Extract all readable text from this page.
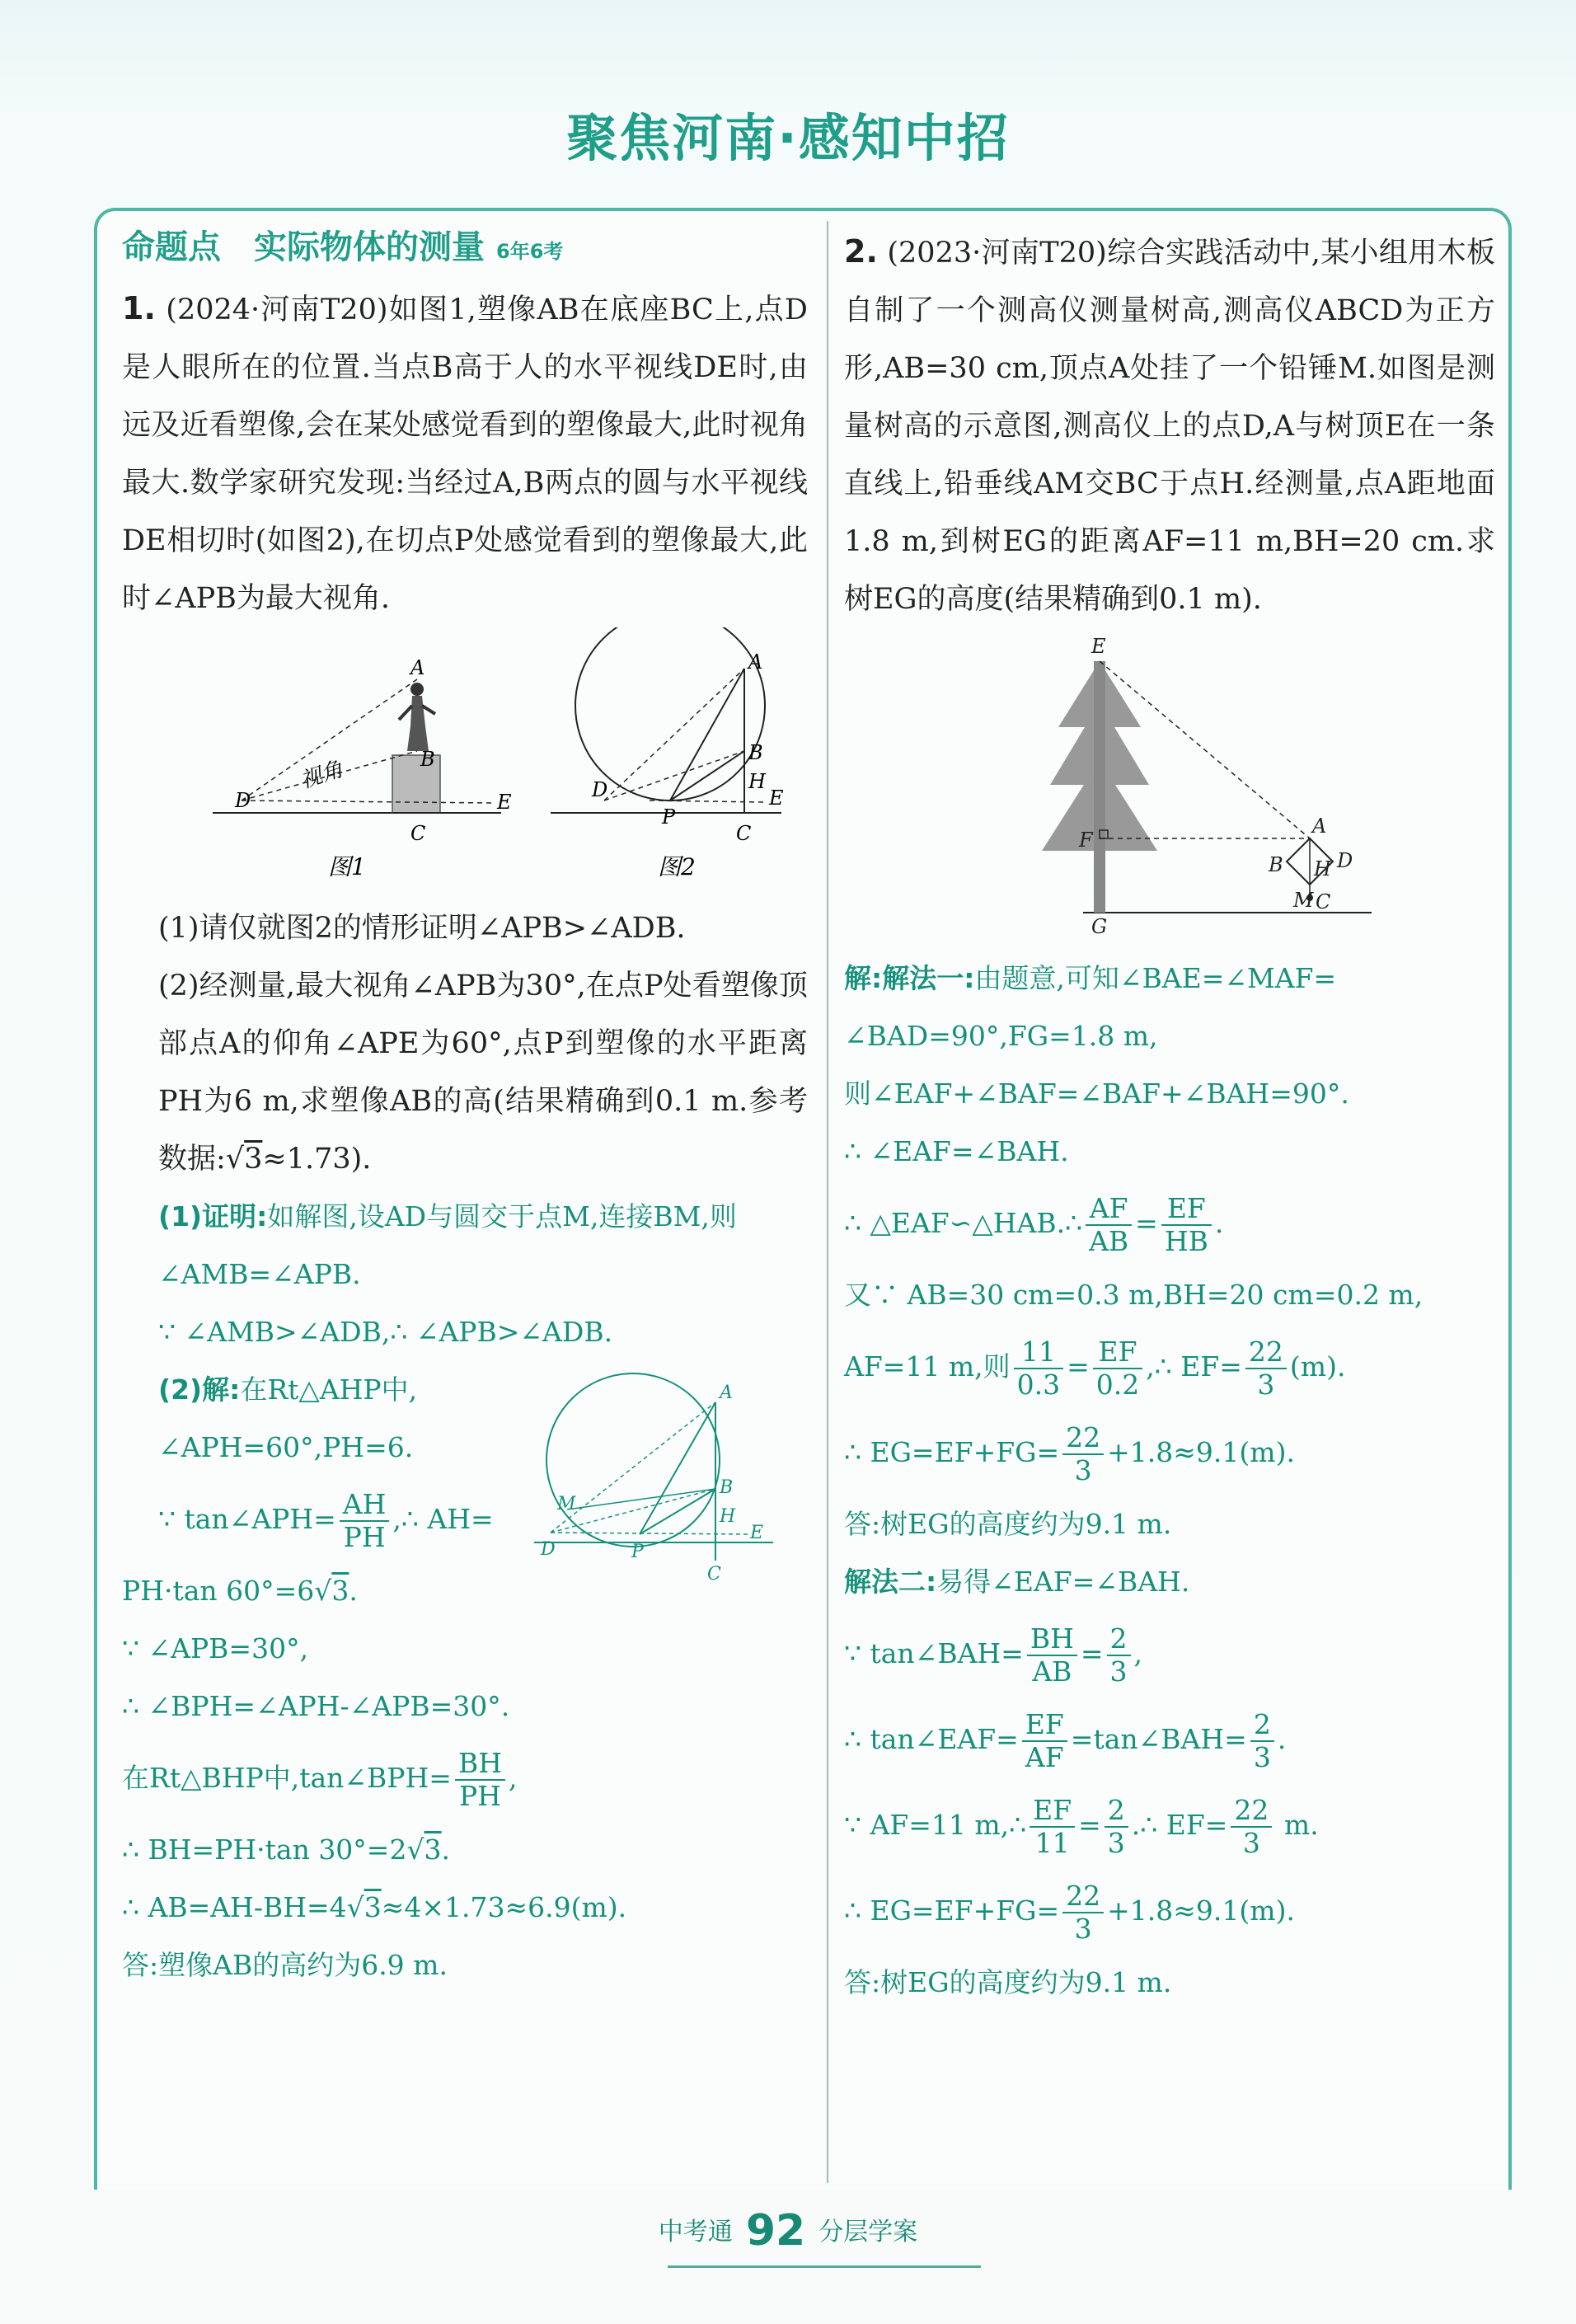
聚焦河南·感知中招
命题点 实际物体的测量 6年6考

1. (2024·河南T20)如图1,塑像AB在底座BC上,点D是人眼所在的位置.当点B高于人的水平视线DE时,由远及近看塑像,会在某处感觉看到的塑像最大,此时视角最大.数学家研究发现:当经过A,B两点的圆与水平视线DE相切时(如图2),在切点P处感觉看到的塑像最大,此时∠APB为最大视角.

D
A
B
E
C
视角
图1
D
A
B
H
E
P
C
图2

(1)请仅就图2的情形证明∠APB>∠ADB.

(2)经测量,最大视角∠APB为30°,在点P处看塑像顶部点A的仰角∠APE为60°,点P到塑像的水平距离PH为6 m,求塑像AB的高(结果精确到0.1 m.参考数据:√3≈1.73).

(1)证明:如解图,设AD与圆交于点M,连接BM,则∠AMB=∠APB.

∵ ∠AMB>∠ADB,∴ ∠APB>∠ADB.

(2)解:在Rt△AHP中,

∠APH=60°,PH=6.

∵ tan∠APH= $\frac{AH}{PH}$ ,∴ AH=

D
M
A
B
H
E
P
C

PH·tan 60°=6√3.

∵ ∠APB=30°,

∴ ∠BPH=∠APH-∠APB=30°.

在Rt△BHP中,tan∠BPH= $\frac{BH}{PH}$ ,

∴ BH=PH·tan 30°=2√3.

∴ AB=AH-BH=4√3≈4×1.73≈6.9(m).

答:塑像AB的高约为6.9 m.

2. (2023·河南T20)综合实践活动中,某小组用木板自制了一个测高仪测量树高,测高仪ABCD为正方形,AB=30 cm,顶点A处挂了一个铅锤M.如图是测量树高的示意图,测高仪上的点D,A与树顶E在一条直线上,铅垂线AM交BC于点H.经测量,点A距地面1.8 m,到树EG的距离AF=11 m,BH=20 cm.求树EG的高度(结果精确到0.1 m).

E
F
G
A
D
B H
M C

解:解法一:由题意,可知∠BAE=∠MAF=

∠BAD=90°,FG=1.8 m,

则∠EAF+∠BAF=∠BAF+∠BAH=90°.

∴ ∠EAF=∠BAH.

∴ △EAF∽△HAB.∴ $\frac{AF}{AB} = \frac{EF}{HB}$ .

又∵ AB=30 cm=0.3 m,BH=20 cm=0.2 m,

AF=11 m,则 $\frac{11}{0.3} = \frac{EF}{0.2}$ ,∴ $EF= \frac{22}{3} (m)$.

∴ $EG=EF+FG= \frac{22}{3} +1.8\approx 9.1(m)$.

答:树EG的高度约为9.1 m.

解法二:易得∠EAF=∠BAH.

∵ tan∠BAH= $\frac{BH}{AB} = \frac{2}{3}$ ,

∴ tan∠EAF= $\frac{EF}{AF}$ =tan∠BAH= $\frac{2}{3}$ .

∵ AF=11 m,∴ $\frac{EF}{11} = \frac{2}{3}$ .∴ $EF= \frac{22}{3} m$.

∴ $EG=EF+FG= \frac{22}{3} +1.8\approx 9.1(m)$.

答:树EG的高度约为9.1 m.

中考通 92 分层学案
